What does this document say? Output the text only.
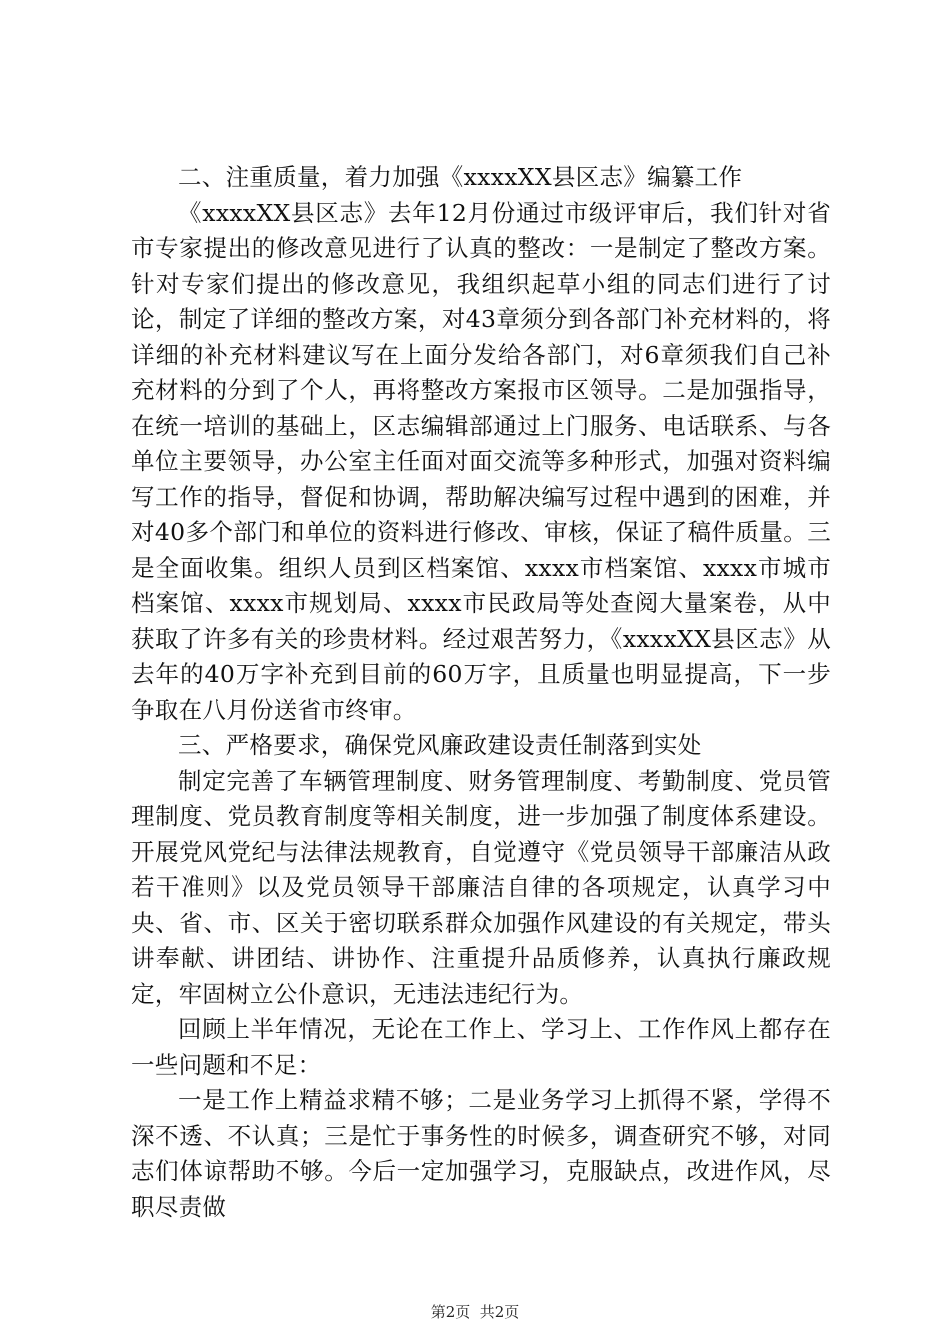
二、注重质量，着力加强《xxxxXX县区志》编纂工作

《xxxxXX县区志》去年12月份通过市级评审后，我们针对省市专家提出的修改意见进行了认真的整改：一是制定了整改方案。针对专家们提出的修改意见，我组织起草小组的同志们进行了讨论，制定了详细的整改方案，对43章须分到各部门补充材料的，将详细的补充材料建议写在上面分发给各部门，对6章须我们自己补充材料的分到了个人，再将整改方案报市区领导。二是加强指导，在统一培训的基础上，区志编辑部通过上门服务、电话联系、与各单位主要领导，办公室主任面对面交流等多种形式，加强对资料编写工作的指导，督促和协调，帮助解决编写过程中遇到的困难，并对40多个部门和单位的资料进行修改、审核，保证了稿件质量。三是全面收集。组织人员到区档案馆、xxxx市档案馆、xxxx市城市档案馆、xxxx市规划局、xxxx市民政局等处查阅大量案卷，从中获取了许多有关的珍贵材料。经过艰苦努力，《xxxxXX县区志》从去年的40万字补充到目前的60万字，且质量也明显提高，下一步争取在八月份送省市终审。

三、严格要求，确保党风廉政建设责任制落到实处

制定完善了车辆管理制度、财务管理制度、考勤制度、党员管理制度、党员教育制度等相关制度，进一步加强了制度体系建设。开展党风党纪与法律法规教育，自觉遵守《党员领导干部廉洁从政若干准则》以及党员领导干部廉洁自律的各项规定，认真学习中央、省、市、区关于密切联系群众加强作风建设的有关规定，带头讲奉献、讲团结、讲协作、注重提升品质修养，认真执行廉政规定，牢固树立公仆意识，无违法违纪行为。

回顾上半年情况，无论在工作上、学习上、工作作风上都存在一些问题和不足：

一是工作上精益求精不够；二是业务学习上抓得不紧，学得不深不透、不认真；三是忙于事务性的时候多，调查研究不够，对同志们体谅帮助不够。今后一定加强学习，克服缺点，改进作风，尽职尽责做

第2页  共2页
